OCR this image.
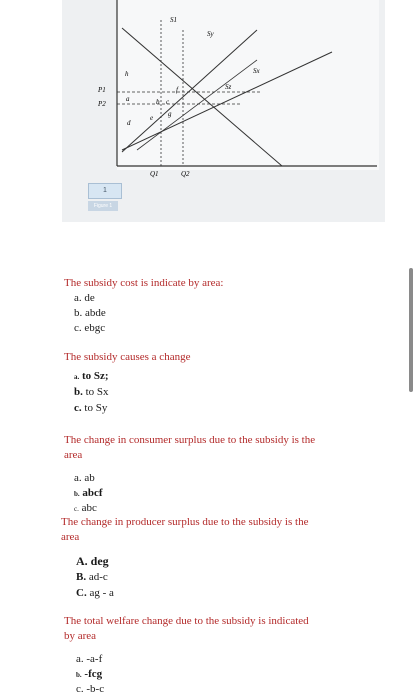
S1
Sy
Sx
Sz
P1
P2
Q1	Q2
h
f
a	b c
d
e g
1
Figure 1
The subsidy cost is indicate by area:
a. de
b. abde
c. ebgc
The subsidy causes a change
a. to Sz;
b. to Sx
c. to Sy
The change in consumer surplus due to the subsidy is the
area
a. ab
b. abcf
c. abc
The change in producer surplus due to the subsidy is the
area
A. deg
B. ad-c
C. ag - a
The total welfare change due to the subsidy is indicated
by area
a. -a-f
b. -fcg
c. -b-c
